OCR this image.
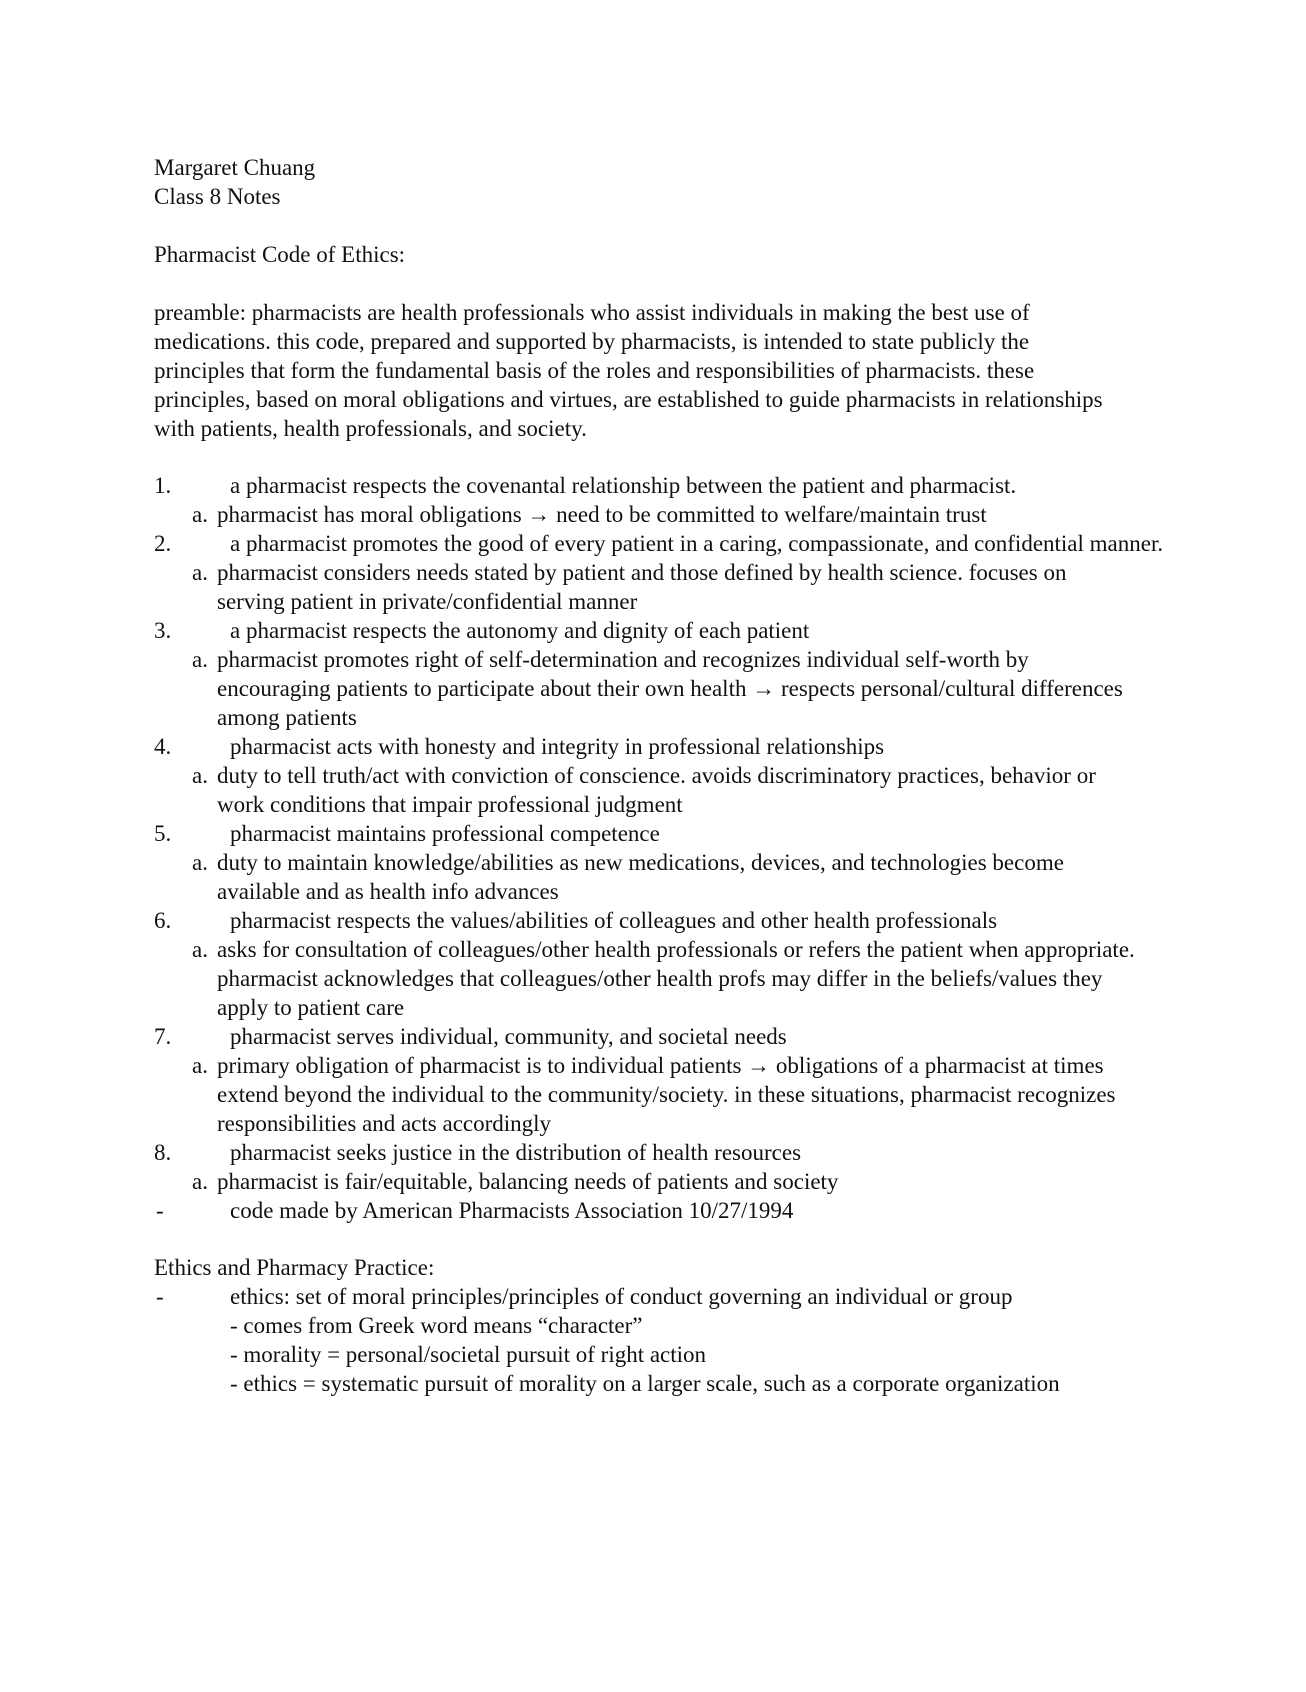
Margaret Chuang
Class 8 Notes
Pharmacist Code of Ethics:
preamble: pharmacists are health professionals who assist individuals in making the best use of medications. this code, prepared and supported by pharmacists, is intended to state publicly the principles that form the fundamental basis of the roles and responsibilities of pharmacists. these principles, based on moral obligations and virtues, are established to guide pharmacists in relationships with patients, health professionals, and society.
1.	a pharmacist respects the covenantal relationship between the patient and pharmacist.
a. pharmacist has moral obligations → need to be committed to welfare/maintain trust
2.	a pharmacist promotes the good of every patient in a caring, compassionate, and confidential manner.
a. pharmacist considers needs stated by patient and those defined by health science. focuses on serving patient in private/confidential manner
3.	a pharmacist respects the autonomy and dignity of each patient
a. pharmacist promotes right of self-determination and recognizes individual self-worth by encouraging patients to participate about their own health → respects personal/cultural differences among patients
4.	pharmacist acts with honesty and integrity in professional relationships
a. duty to tell truth/act with conviction of conscience. avoids discriminatory practices, behavior or work conditions that impair professional judgment
5.	pharmacist maintains professional competence
a. duty to maintain knowledge/abilities as new medications, devices, and technologies become available and as health info advances
6.	pharmacist respects the values/abilities of colleagues and other health professionals
a. asks for consultation of colleagues/other health professionals or refers the patient when appropriate. pharmacist acknowledges that colleagues/other health profs may differ in the beliefs/values they apply to patient care
7.	pharmacist serves individual, community, and societal needs
a. primary obligation of pharmacist is to individual patients → obligations of a pharmacist at times extend beyond the individual to the community/society. in these situations, pharmacist recognizes responsibilities and acts accordingly
8.	pharmacist seeks justice in the distribution of health resources
a. pharmacist is fair/equitable, balancing needs of patients and society
-	code made by American Pharmacists Association 10/27/1994
Ethics and Pharmacy Practice:
-	ethics: set of moral principles/principles of conduct governing an individual or group
- comes from Greek word means “character”
- morality = personal/societal pursuit of right action
- ethics = systematic pursuit of morality on a larger scale, such as a corporate organization
